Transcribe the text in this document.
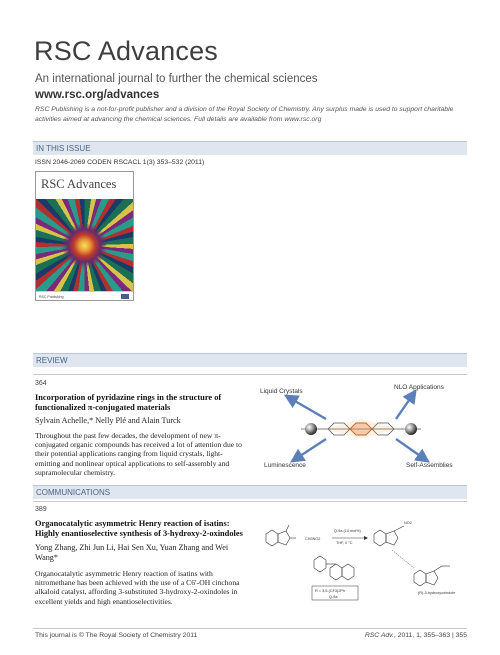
RSC Advances
An international journal to further the chemical sciences
www.rsc.org/advances
RSC Publishing is a not-for-profit publisher and a division of the Royal Society of Chemistry. Any surplus made is used to support charitable activities aimed at advancing the chemical sciences. Full details are available from www.rsc.org
IN THIS ISSUE
ISSN 2046-2069 CODEN RSCACL 1(3) 353–532 (2011)
RSC Advances
RSC Publishing
REVIEW
364
Incorporation of pyridazine rings in the structure of functionalized π-conjugated materials
Sylvain Achelle,* Nelly Plé and Alain Turck
Throughout the past few decades, the development of new π-conjugated organic compounds has received a lot of attention due to their potential applications ranging from liquid crystals, light-emitting and nonlinear optical applications to self-assembly and supramolecular chemistry.
Liquid Crystals
NLO Applications
Luminescence	Self-Assemblies
COMMUNICATIONS
389
Organocatalytic asymmetric Henry reaction of isatins: Highly enantioselective synthesis of 3-hydroxy-2-oxindoles
Yong Zhang, Zhi Jun Li, Hai Sen Xu, Yuan Zhang and Wei Wang*
Organocatalytic asymmetric Henry reaction of isatins with nitromethane has been achieved with the use of a C6′-OH cinchona alkaloid catalyst, affording 3-substituted 3-hydroxy-2-oxindoles in excellent yields and high enantioselectivities.
CH3NO2
Q-9a (10 mol%)
THF, 0 °C
NO2
R = 3,5-(CF3)2Ph
Q-9a
(R)-3-hydroxyoxindole
This journal is © The Royal Society of Chemistry 2011	RSC Adv., 2011, 1, 355–363 | 355
